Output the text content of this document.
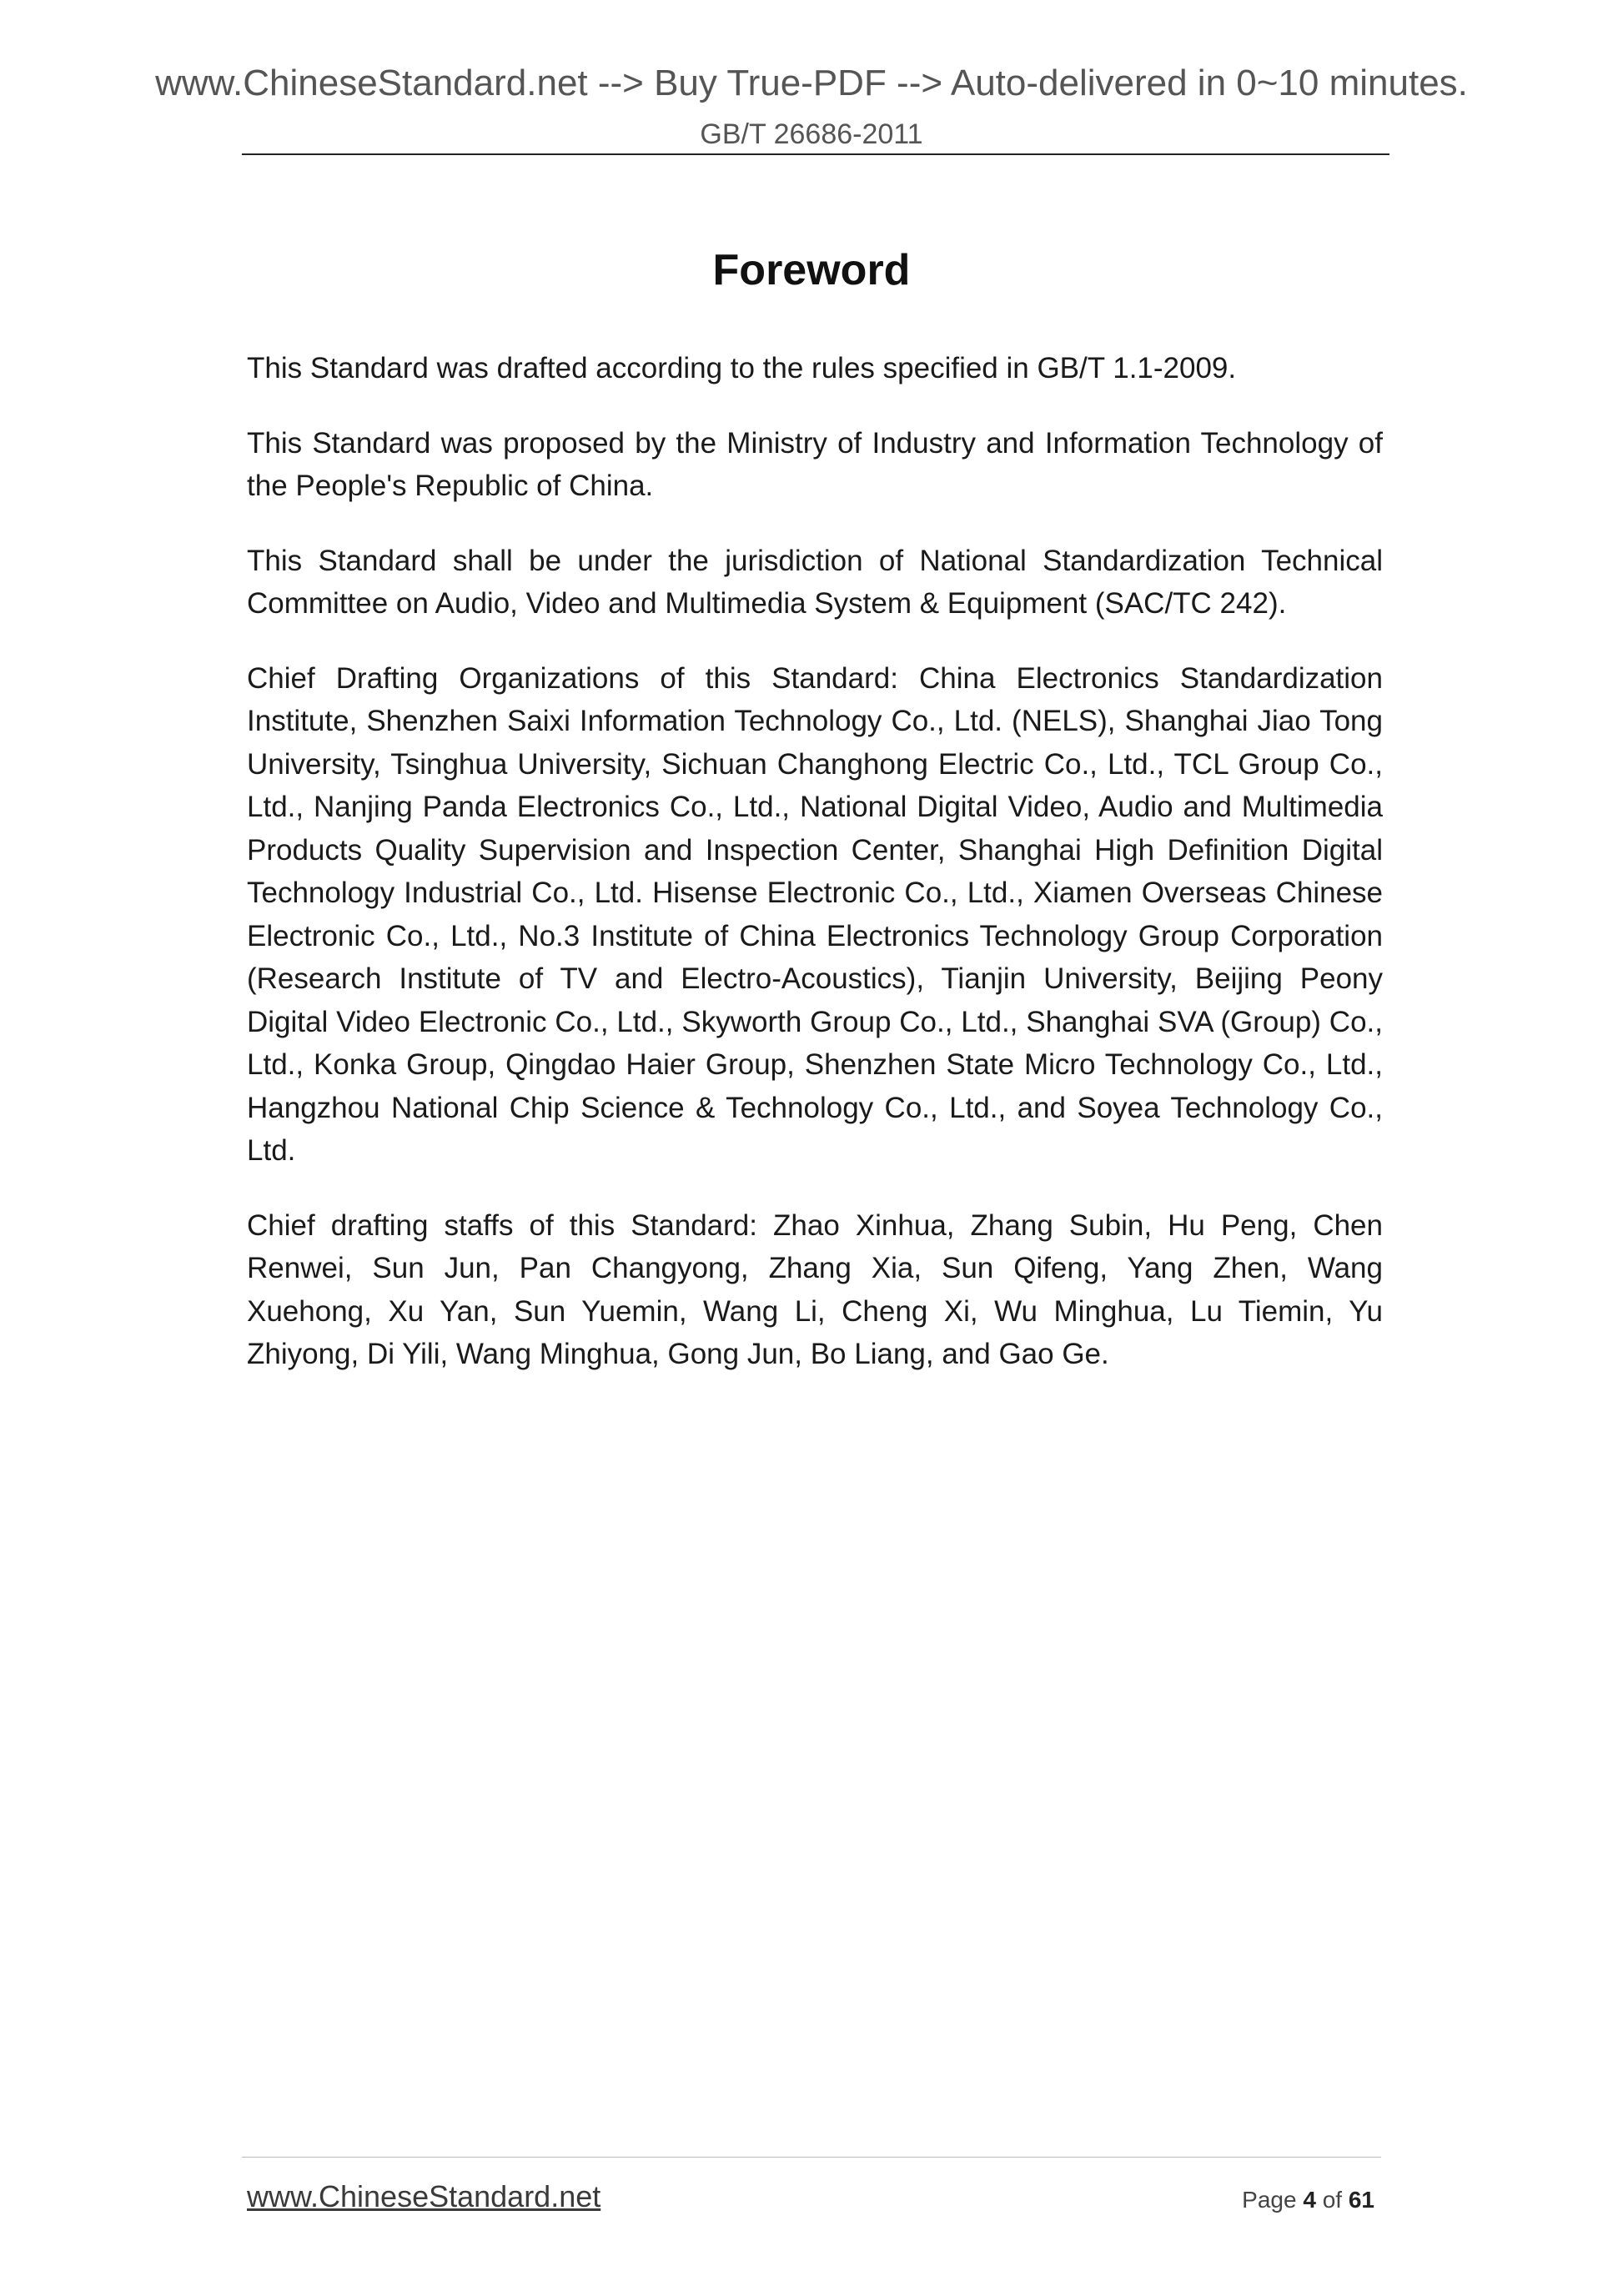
www.ChineseStandard.net --> Buy True-PDF --> Auto-delivered in 0~10 minutes.
GB/T 26686-2011
Foreword

This Standard was drafted according to the rules specified in GB/T 1.1-2009.

This Standard was proposed by the Ministry of Industry and Information Technology of the People's Republic of China.

This Standard shall be under the jurisdiction of National Standardization Technical Committee on Audio, Video and Multimedia System & Equipment (SAC/TC 242).

Chief Drafting Organizations of this Standard: China Electronics Standardization Institute, Shenzhen Saixi Information Technology Co., Ltd. (NELS), Shanghai Jiao Tong University, Tsinghua University, Sichuan Changhong Electric Co., Ltd., TCL Group Co., Ltd., Nanjing Panda Electronics Co., Ltd., National Digital Video, Audio and Multimedia Products Quality Supervision and Inspection Center, Shanghai High Definition Digital Technology Industrial Co., Ltd. Hisense Electronic Co., Ltd., Xiamen Overseas Chinese Electronic Co., Ltd., No.3 Institute of China Electronics Technology Group Corporation (Research Institute of TV and Electro-Acoustics), Tianjin University, Beijing Peony Digital Video Electronic Co., Ltd., Skyworth Group Co., Ltd., Shanghai SVA (Group) Co., Ltd., Konka Group, Qingdao Haier Group, Shenzhen State Micro Technology Co., Ltd., Hangzhou National Chip Science & Technology Co., Ltd., and Soyea Technology Co., Ltd.

Chief drafting staffs of this Standard: Zhao Xinhua, Zhang Subin, Hu Peng, Chen Renwei, Sun Jun, Pan Changyong, Zhang Xia, Sun Qifeng, Yang Zhen, Wang Xuehong, Xu Yan, Sun Yuemin, Wang Li, Cheng Xi, Wu Minghua, Lu Tiemin, Yu Zhiyong, Di Yili, Wang Minghua, Gong Jun, Bo Liang, and Gao Ge.

www.ChineseStandard.net	Page 4 of 61
